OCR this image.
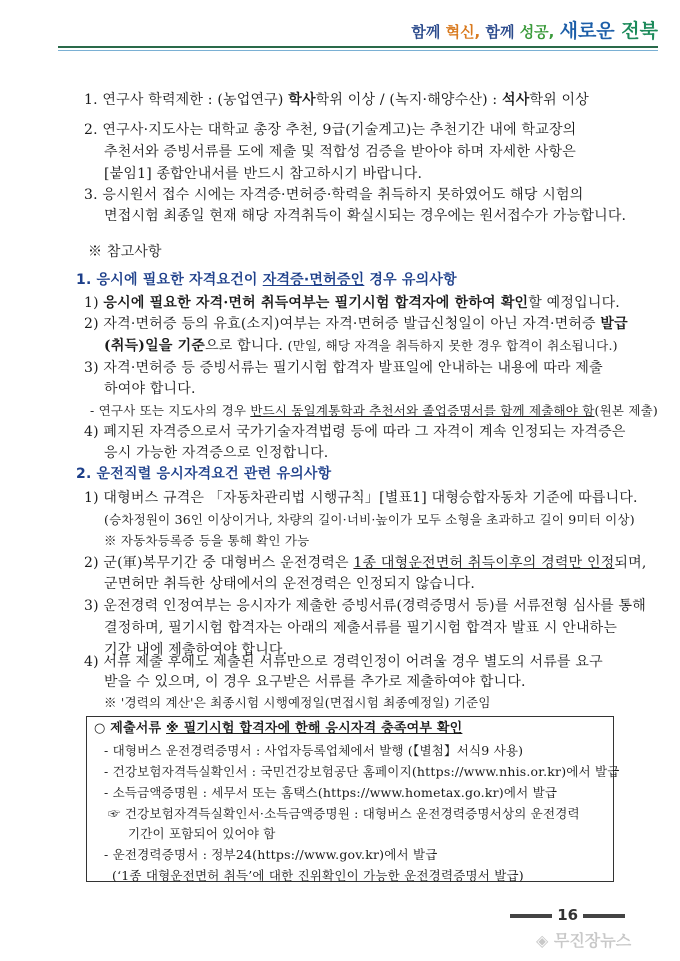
함께 혁신, 함께 성공, 새로운 전북
1. 연구사 학력제한 : (농업연구) 학사학위 이상 / (녹지·해양수산) : 석사학위 이상
2. 연구사·지도사는 대학교 총장 추천, 9급(기술계고)는 추천기간 내에 학교장의
추천서와 증빙서류를 도에 제출 및 적합성 검증을 받아야 하며 자세한 사항은
[붙임1] 종합안내서를 반드시 참고하시기 바랍니다.
3. 응시원서 접수 시에는 자격증·면허증·학력을 취득하지 못하였어도 해당 시험의
면접시험 최종일 현재 해당 자격취득이 확실시되는 경우에는 원서접수가 가능합니다.
※ 참고사항
1. 응시에 필요한 자격요건이 자격증·면허증인 경우 유의사항
1) 응시에 필요한 자격·면허 취득여부는 필기시험 합격자에 한하여 확인할 예정입니다.
2) 자격·면허증 등의 유효(소지)여부는 자격·면허증 발급신청일이 아닌 자격·면허증 발급
(취득)일을 기준으로 합니다. (만일, 해당 자격을 취득하지 못한 경우 합격이 취소됩니다.)
3) 자격·면허증 등 증빙서류는 필기시험 합격자 발표일에 안내하는 내용에 따라 제출
하여야 합니다.
- 연구사 또는 지도사의 경우 반드시 동일계통학과 추천서와 졸업증명서를 함께 제출해야 함(원본 제출)
4) 폐지된 자격증으로서 국가기술자격법령 등에 따라 그 자격이 계속 인정되는 자격증은
응시 가능한 자격증으로 인정합니다.
2. 운전직렬 응시자격요건 관련 유의사항
1) 대형버스 규격은 「자동차관리법 시행규칙」[별표1] 대형승합자동차 기준에 따릅니다.
(승차정원이 36인 이상이거나, 차량의 길이·너비·높이가 모두 소형을 초과하고 길이 9미터 이상)
※ 자동차등록증 등을 통해 확인 가능
2) 군(軍)복무기간 중 대형버스 운전경력은 1종 대형운전면허 취득이후의 경력만 인정되며,
군면허만 취득한 상태에서의 운전경력은 인정되지 않습니다.
3) 운전경력 인정여부는 응시자가 제출한 증빙서류(경력증명서 등)를 서류전형 심사를 통해
결정하며, 필기시험 합격자는 아래의 제출서류를 필기시험 합격자 발표 시 안내하는
기간 내에 제출하여야 합니다.
4) 서류 제출 후에도 제출된 서류만으로 경력인정이 어려울 경우 별도의 서류를 요구
받을 수 있으며, 이 경우 요구받은 서류를 추가로 제출하여야 합니다.
※ '경력의 계산'은 최종시험 시행예정일(면접시험 최종예정일) 기준임
○ 제출서류 ※ 필기시험 합격자에 한해 응시자격 충족여부 확인
- 대형버스 운전경력증명서 : 사업자등록업체에서 발행 (【별첨】서식9 사용)
- 건강보험자격득실확인서 : 국민건강보험공단 홈페이지(https://www.nhis.or.kr)에서 발급
- 소득금액증명원 : 세무서 또는 홈택스(https://www.hometax.go.kr)에서 발급
☞ 건강보험자격득실확인서·소득금액증명원 : 대형버스 운전경력증명서상의 운전경력
기간이 포함되어 있어야 함
- 운전경력증명서 : 정부24(https://www.gov.kr)에서 발급
(‘1종 대형운전면허 취득’에 대한 진위확인이 가능한 운전경력증명서 발급)
16
◈ 무진장뉴스
